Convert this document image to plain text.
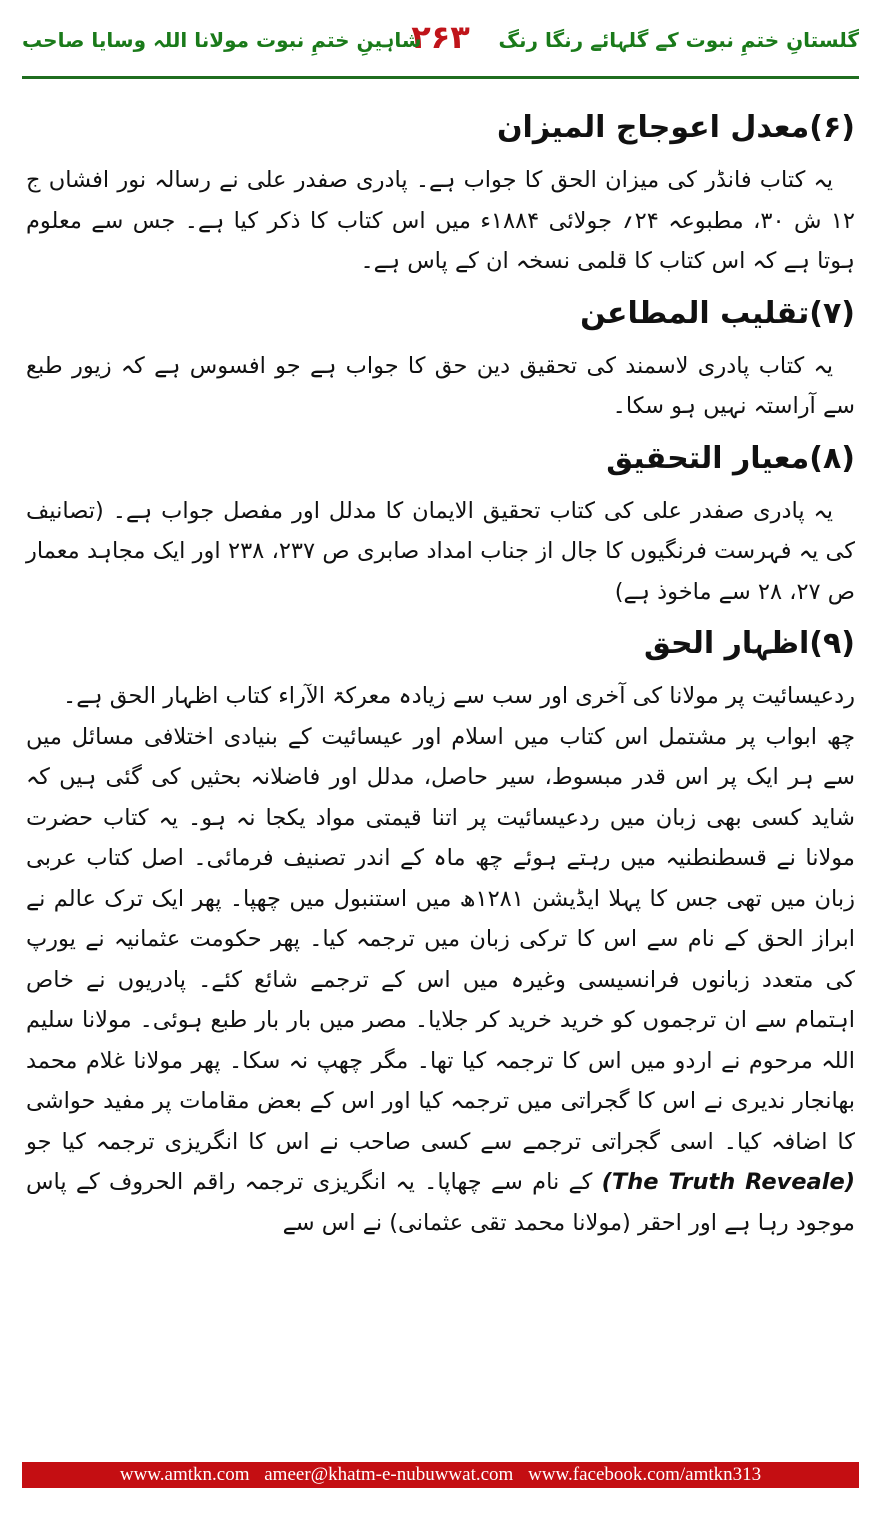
گلستانِ ختمِ نبوت کے گلہائے رنگا رنگ
۲۶۳
شاہینِ ختمِ نبوت مولانا اللہ وسایا صاحب
(۶)معدل اعوجاج المیزان

یہ کتاب فانڈر کی میزان الحق کا جواب ہے۔ پادری صفدر علی نے رسالہ نور افشاں ج ۱۲ ش ۳۰، مطبوعہ ۲۴؍ جولائی ۱۸۸۴ء میں اس کتاب کا ذکر کیا ہے۔ جس سے معلوم ہوتا ہے کہ اس کتاب کا قلمی نسخہ ان کے پاس ہے۔

(۷)تقلیب المطاعن

یہ کتاب پادری لاسمند کی تحقیق دین حق کا جواب ہے جو افسوس ہے کہ زیور طبع سے آراستہ نہیں ہو سکا۔

(۸)معیار التحقیق

یہ پادری صفدر علی کی کتاب تحقیق الایمان کا مدلل اور مفصل جواب ہے۔ (تصانیف کی یہ فہرست فرنگیوں کا جال از جناب امداد صابری ص ۲۳۷، ۲۳۸ اور ایک مجاہد معمار ص ۲۷، ۲۸ سے ماخوذ ہے)

(۹)اظہار الحق

ردعیسائیت پر مولانا کی آخری اور سب سے زیادہ معرکۃ الآراء کتاب اظہار الحق ہے۔

چھ ابواب پر مشتمل اس کتاب میں اسلام اور عیسائیت کے بنیادی اختلافی مسائل میں سے ہر ایک پر اس قدر مبسوط، سیر حاصل، مدلل اور فاضلانہ بحثیں کی گئی ہیں کہ شاید کسی بھی زبان میں ردعیسائیت پر اتنا قیمتی مواد یکجا نہ ہو۔ یہ کتاب حضرت مولانا نے قسطنطنیہ میں رہتے ہوئے چھ ماہ کے اندر تصنیف فرمائی۔ اصل کتاب عربی زبان میں تھی جس کا پہلا ایڈیشن ۱۲۸۱ھ میں استنبول میں چھپا۔ پھر ایک ترک عالم نے ابراز الحق کے نام سے اس کا ترکی زبان میں ترجمہ کیا۔ پھر حکومت عثمانیہ نے یورپ کی متعدد زبانوں فرانسیسی وغیرہ میں اس کے ترجمے شائع کئے۔ پادریوں نے خاص اہتمام سے ان ترجموں کو خرید خرید کر جلایا۔ مصر میں بار بار طبع ہوئی۔ مولانا سلیم اللہ مرحوم نے اردو میں اس کا ترجمہ کیا تھا۔ مگر چھپ نہ سکا۔ پھر مولانا غلام محمد بھانجار ندیری نے اس کا گجراتی میں ترجمہ کیا اور اس کے بعض مقامات پر مفید حواشی کا اضافہ کیا۔ اسی گجراتی ترجمے سے کسی صاحب نے اس کا انگریزی ترجمہ کیا جو (The Truth Reveale) کے نام سے چھاپا۔ یہ انگریزی ترجمہ راقم الحروف کے پاس موجود رہا ہے اور احقر (مولانا محمد تقی عثمانی) نے اس سے

www.amtkn.com ameer@khatm-e-nubuwwat.com www.facebook.com/amtkn313
